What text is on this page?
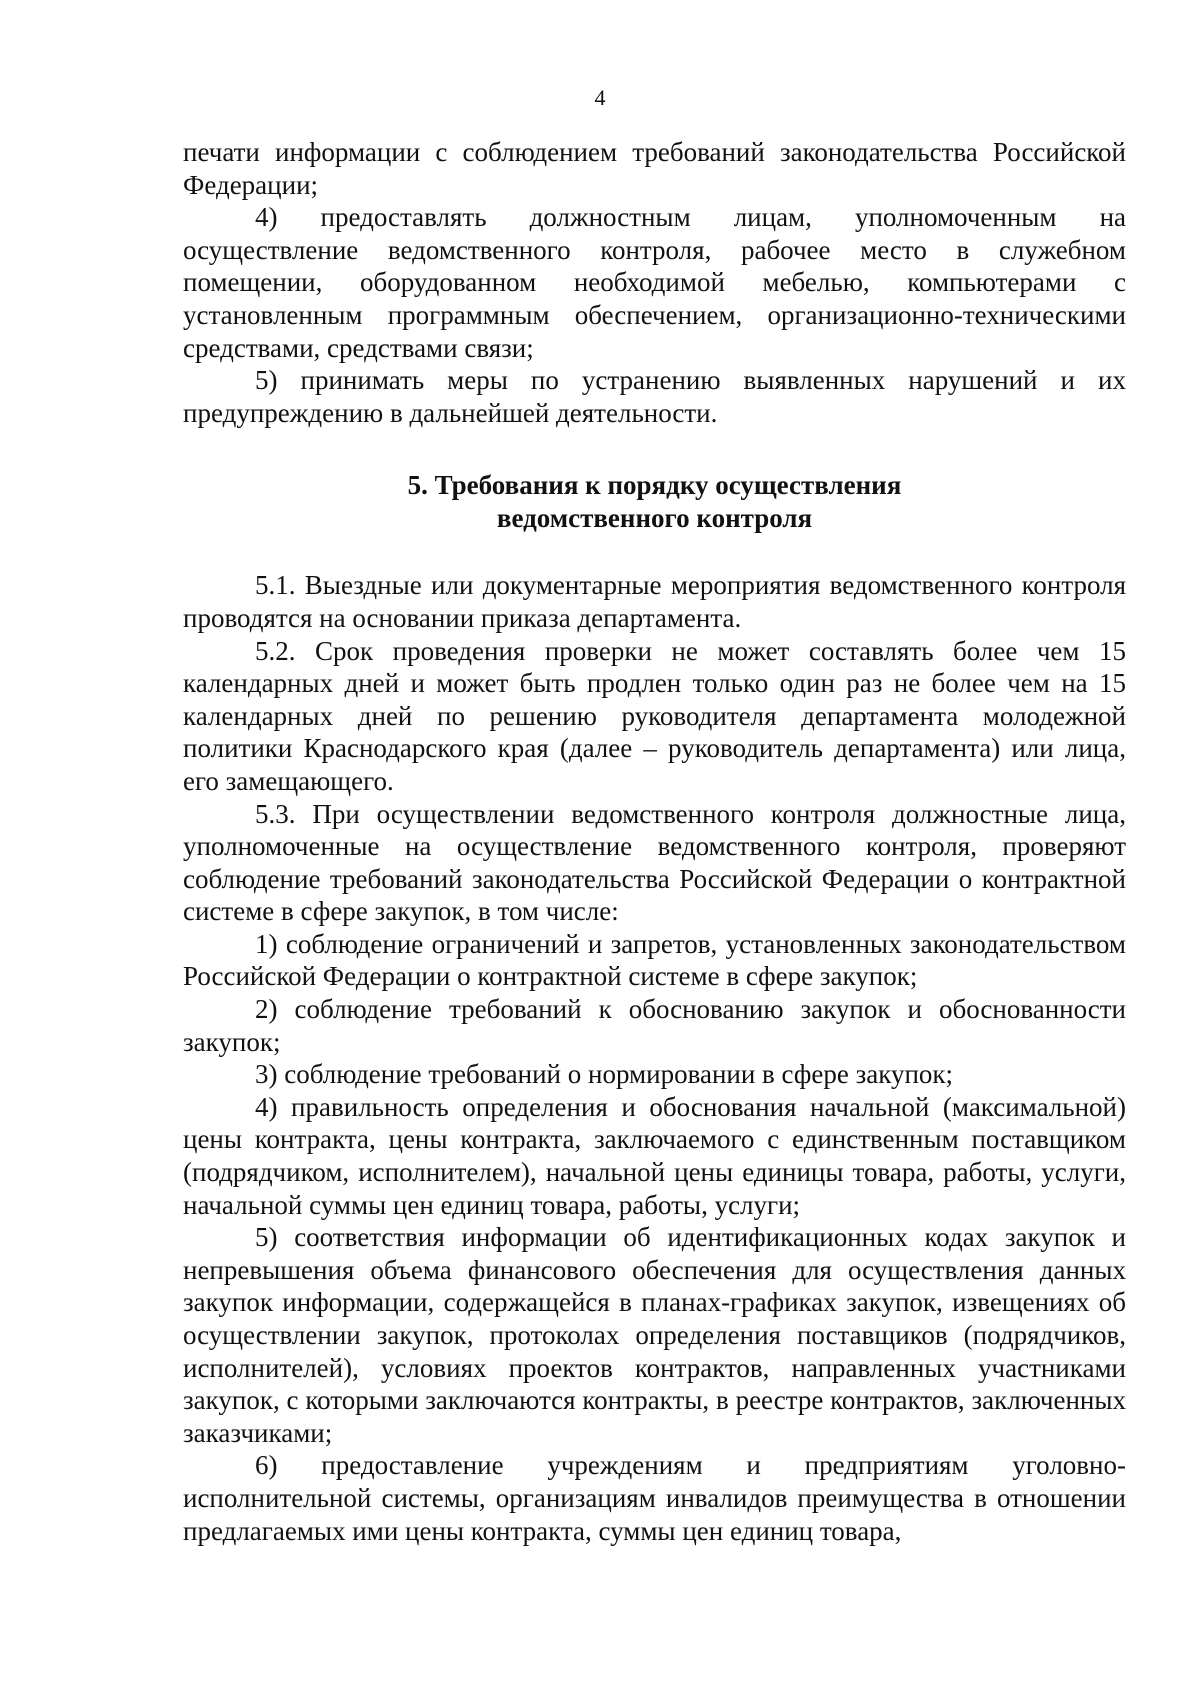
4

печати информации с соблюдением требований законодательства Российской Федерации;

4) предоставлять должностным лицам, уполномоченным на осуществление ведомственного контроля, рабочее место в служебном помещении, оборудованном необходимой мебелью, компьютерами с установленным программным обеспечением, организационно-техническими средствами, средствами связи;

5) принимать меры по устранению выявленных нарушений и их предупреждению в дальнейшей деятельности.

5. Требования к порядку осуществления
ведомственного контроля

5.1. Выездные или документарные мероприятия ведомственного контроля проводятся на основании приказа департамента.

5.2. Срок проведения проверки не может составлять более чем 15 календарных дней и может быть продлен только один раз не более чем на 15 календарных дней по решению руководителя департамента молодежной политики Краснодарского края (далее – руководитель департамента) или лица, его замещающего.

5.3. При осуществлении ведомственного контроля должностные лица, уполномоченные на осуществление ведомственного контроля, проверяют соблюдение требований законодательства Российской Федерации о контрактной системе в сфере закупок, в том числе:

1) соблюдение ограничений и запретов, установленных законодательством Российской Федерации о контрактной системе в сфере закупок;

2) соблюдение требований к обоснованию закупок и обоснованности закупок;

3) соблюдение требований о нормировании в сфере закупок;

4) правильность определения и обоснования начальной (максимальной) цены контракта, цены контракта, заключаемого с единственным поставщиком (подрядчиком, исполнителем), начальной цены единицы товара, работы, услуги, начальной суммы цен единиц товара, работы, услуги;

5) соответствия информации об идентификационных кодах закупок и непревышения объема финансового обеспечения для осуществления данных закупок информации, содержащейся в планах-графиках закупок, извещениях об осуществлении закупок, протоколах определения поставщиков (подрядчиков, исполнителей), условиях проектов контрактов, направленных участниками закупок, с которыми заключаются контракты, в реестре контрактов, заключенных заказчиками;

6) предоставление учреждениям и предприятиям уголовно-исполнительной системы, организациям инвалидов преимущества в отношении предлагаемых ими цены контракта, суммы цен единиц товара,
